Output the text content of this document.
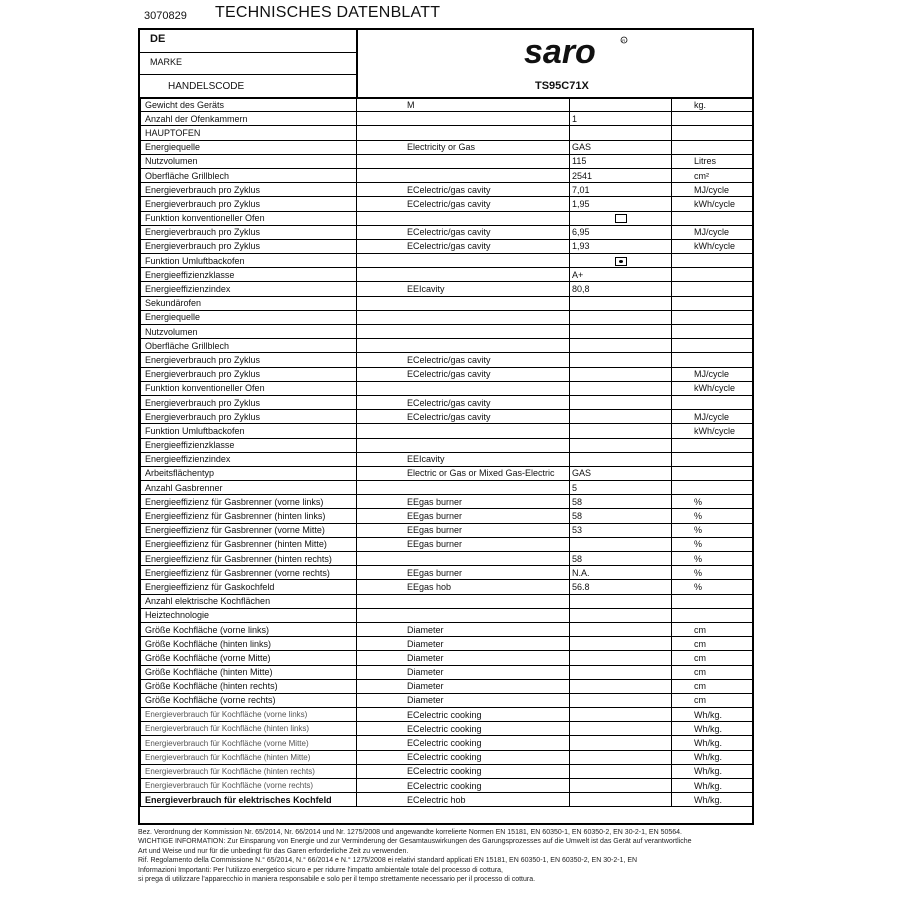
3070829 TECHNISCHES DATENBLATT
DE
MARKE
HANDELSCODE
saro	R
TS95C71X
Gewicht des Geräts	M		kg.
Anzahl der Ofenkammern		1	
HAUPTOFEN			
Energiequelle	Electricity or Gas	GAS	
Nutzvolumen		115	Litres
Oberfläche Grillblech		2541	cm²
Energieverbrauch pro Zyklus	ECelectric/gas cavity	7,01	MJ/cycle
Energieverbrauch pro Zyklus	ECelectric/gas cavity	1,95	kWh/cycle
Funktion konventioneller Ofen			
Energieverbrauch pro Zyklus	ECelectric/gas cavity	6,95	MJ/cycle
Energieverbrauch pro Zyklus	ECelectric/gas cavity	1,93	kWh/cycle
Funktion Umluftbackofen			
Energieeffizienzklasse		A+	
Energieeffizienzindex	EEIcavity	80,8	
Sekundärofen			
Energiequelle			
Nutzvolumen			
Oberfläche Grillblech			
Energieverbrauch pro Zyklus	ECelectric/gas cavity		
Energieverbrauch pro Zyklus	ECelectric/gas cavity		MJ/cycle
Funktion konventioneller Ofen			kWh/cycle
Energieverbrauch pro Zyklus	ECelectric/gas cavity		
Energieverbrauch pro Zyklus	ECelectric/gas cavity		MJ/cycle
Funktion Umluftbackofen			kWh/cycle
Energieeffizienzklasse			
Energieeffizienzindex	EEIcavity		
Arbeitsflächentyp	Electric or Gas or Mixed Gas-Electric	GAS	
Anzahl Gasbrenner		5	
Energieeffizienz für Gasbrenner (vorne links)	EEgas burner	58	%
Energieeffizienz für Gasbrenner (hinten links)	EEgas burner	58	%
Energieeffizienz für Gasbrenner (vorne Mitte)	EEgas burner	53	%
Energieeffizienz für Gasbrenner (hinten Mitte)	EEgas burner		%
Energieeffizienz für Gasbrenner (hinten rechts)		58	%
Energieeffizienz für Gasbrenner (vorne rechts)	EEgas burner	N.A.	%
Energieeffizienz für Gaskochfeld	EEgas hob	56.8	%
Anzahl elektrische Kochflächen			
Heiztechnologie			
Größe Kochfläche (vorne links)	Diameter		cm
Größe Kochfläche (hinten links)	Diameter		cm
Größe Kochfläche (vorne Mitte)	Diameter		cm
Größe Kochfläche (hinten Mitte)	Diameter		cm
Größe Kochfläche (hinten rechts)	Diameter		cm
Größe Kochfläche (vorne rechts)	Diameter		cm
Energieverbrauch für Kochfläche (vorne links)	ECelectric cooking		Wh/kg.
Energieverbrauch für Kochfläche (hinten links)	ECelectric cooking		Wh/kg.
Energieverbrauch für Kochfläche (vorne Mitte)	ECelectric cooking		Wh/kg.
Energieverbrauch für Kochfläche (hinten Mitte)	ECelectric cooking		Wh/kg.
Energieverbrauch für Kochfläche (hinten rechts)	ECelectric cooking		Wh/kg.
Energieverbrauch für Kochfläche (vorne rechts)	ECelectric cooking		Wh/kg.
Energieverbrauch für elektrisches Kochfeld	ECelectric hob		Wh/kg.
Bez. Verordnung der Kommission Nr. 65/2014, Nr. 66/2014 und Nr. 1275/2008 und angewandte korrelierte Normen EN 15181, EN 60350-1, EN 60350-2, EN 30-2-1, EN 50564.
WICHTIGE INFORMATION: Zur Einsparung von Energie und zur Verminderung der Gesamtauswirkungen des Garungsprozesses auf die Umwelt ist das Gerät auf verantwortliche
Art und Weise und nur für die unbedingt für das Garen erforderliche Zeit zu verwenden.
Rif. Regolamento della Commissione N.° 65/2014, N.° 66/2014 e N.° 1275/2008 ei relativi standard applicati EN 15181, EN 60350-1, EN 60350-2, EN 30-2-1, EN
Informazioni Importanti: Per l'utilizzo energetico sicuro e per ridurre l'impatto ambientale totale del processo di cottura,
si prega di utilizzare l'apparecchio in maniera responsabile e solo per il tempo strettamente necessario per il processo di cottura.
